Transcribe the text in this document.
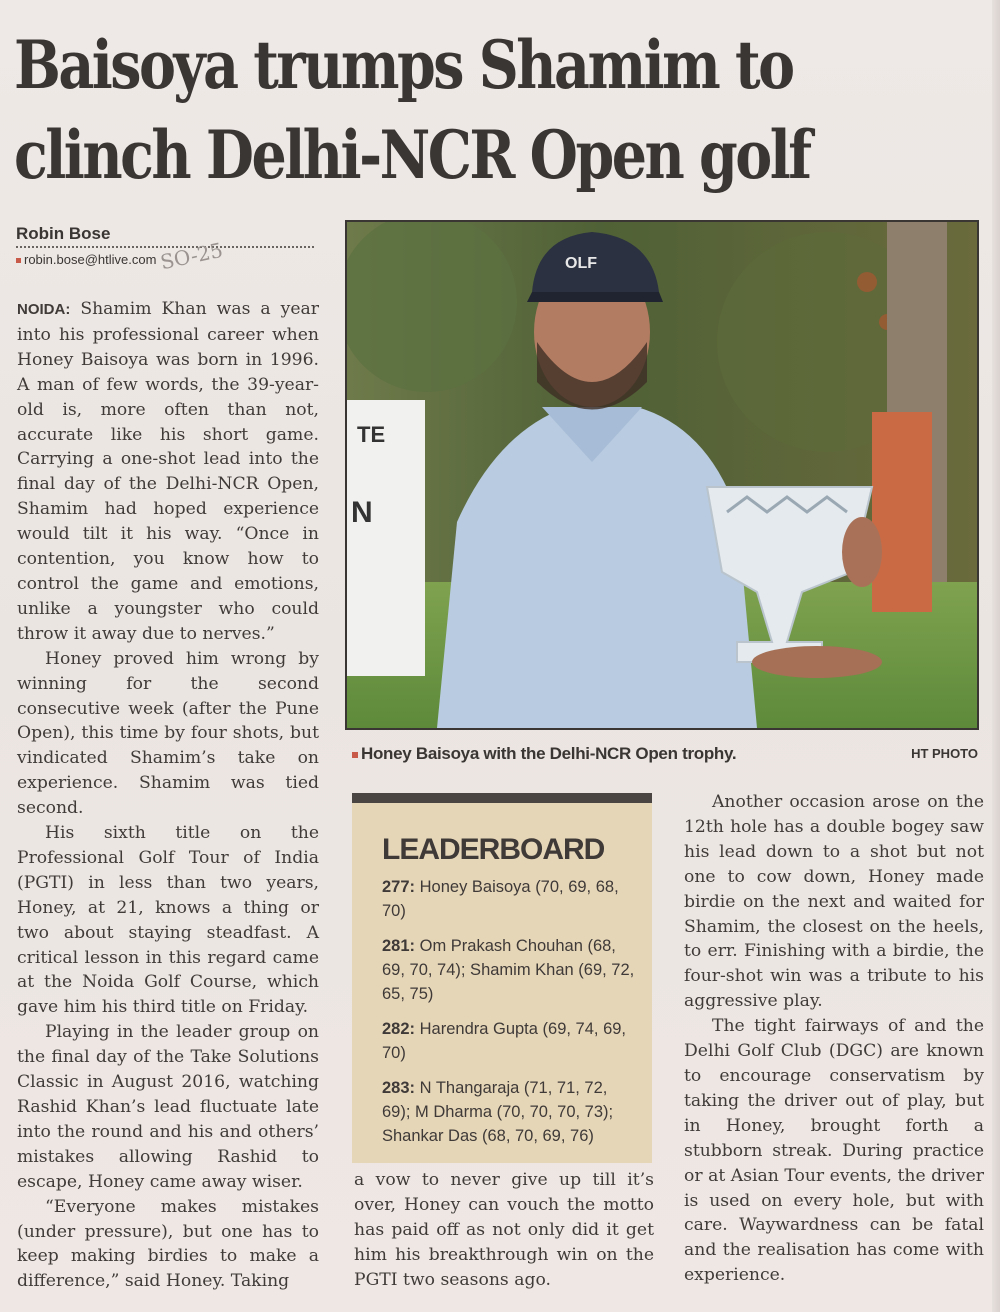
Baisoya trumps Shamim to
clinch Delhi-NCR Open golf
Robin Bose
robin.bose@htlive.com SO-25

NOIDA: Shamim Khan was a year into his professional career when Honey Baisoya was born in 1996. A man of few words, the 39-year-old is, more often than not, accurate like his short game. Carrying a one-shot lead into the final day of the Delhi-NCR Open, Shamim had hoped experience would tilt it his way. “Once in contention, you know how to control the game and emotions, unlike a youngster who could throw it away due to nerves.”

Honey proved him wrong by winning for the second consecutive week (after the Pune Open), this time by four shots, but vindicated Shamim’s take on experience. Shamim was tied second.

His sixth title on the Professional Golf Tour of India (PGTI) in less than two years, Honey, at 21, knows a thing or two about staying steadfast. A critical lesson in this regard came at the Noida Golf Course, which gave him his third title on Friday.

Playing in the leader group on the final day of the Take Solutions Classic in August 2016, watching Rashid Khan’s lead fluctuate late into the round and his and others’ mistakes allowing Rashid to escape, Honey came away wiser.

“Everyone makes mistakes (under pressure), but one has to keep making birdies to make a difference,” said Honey. Taking

TE
N
OLF
Honey Baisoya with the Delhi-NCR Open trophy.	HT PHOTO
LEADERBOARD
277: Honey Baisoya (70, 69, 68, 70)
281: Om Prakash Chouhan (68, 69, 70, 74); Shamim Khan (69, 72, 65, 75)
282: Harendra Gupta (69, 74, 69, 70)
283: N Thangaraja (71, 71, 72, 69); M Dharma (70, 70, 70, 73); Shankar Das (68, 70, 69, 76)

a vow to never give up till it’s over, Honey can vouch the motto has paid off as not only did it get him his breakthrough win on the PGTI two seasons ago.

Another occasion arose on the 12th hole has a double bogey saw his lead down to a shot but not one to cow down, Honey made birdie on the next and waited for Shamim, the closest on the heels, to err. Finishing with a birdie, the four-shot win was a tribute to his aggressive play.

The tight fairways of and the Delhi Golf Club (DGC) are known to encourage conservatism by taking the driver out of play, but in Honey, brought forth a stubborn streak. During practice or at Asian Tour events, the driver is used on every hole, but with care. Waywardness can be fatal and the realisation has come with experience.
